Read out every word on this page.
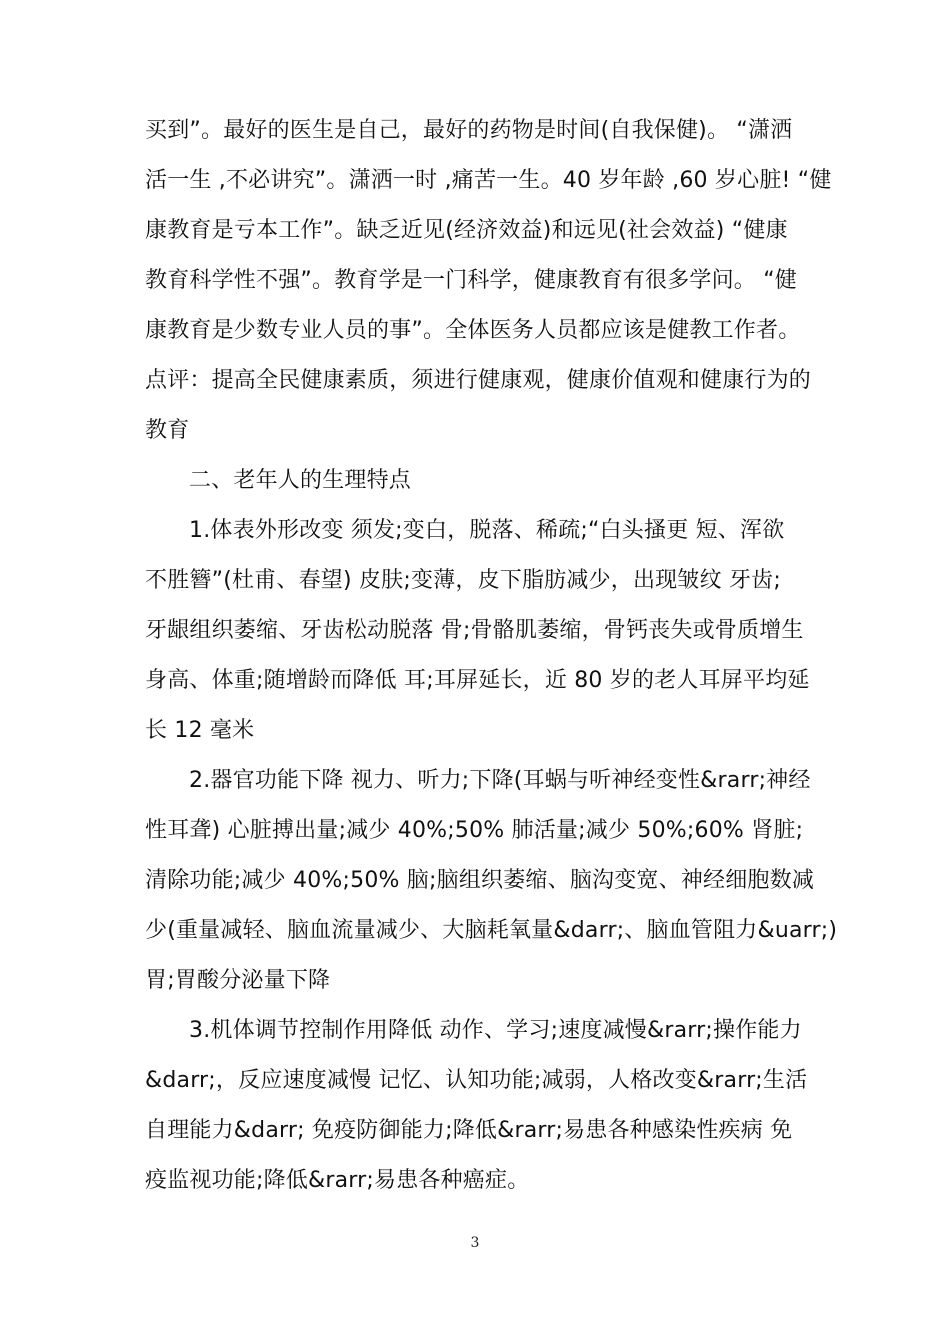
买到”。最好的医生是自己，最好的药物是时间(自我保健)。 “潇洒
活一生 ,不必讲究”。潇洒一时 ,痛苦一生。40 岁年龄 ,60 岁心脏! “健
康教育是亏本工作”。缺乏近见(经济效益)和远见(社会效益) “健康
教育科学性不强”。教育学是一门科学，健康教育有很多学问。 “健
康教育是少数专业人员的事”。全体医务人员都应该是健教工作者。
点评：提高全民健康素质，须进行健康观，健康价值观和健康行为的
教育
二、老年人的生理特点
1.体表外形改变 须发;变白，脱落、稀疏;“白头搔更 短、浑欲
不胜簪”(杜甫、春望) 皮肤;变薄，皮下脂肪减少，出现皱纹 牙齿;
牙龈组织萎缩、牙齿松动脱落 骨;骨骼肌萎缩，骨钙丧失或骨质增生
身高、体重;随增龄而降低 耳;耳屏延长，近 80 岁的老人耳屏平均延
长 12 毫米
2.器官功能下降 视力、听力;下降(耳蜗与听神经变性&rarr;神经
性耳聋) 心脏搏出量;减少 40%;50% 肺活量;减少 50%;60% 肾脏;
清除功能;减少 40%;50% 脑;脑组织萎缩、脑沟变宽、神经细胞数减
少(重量减轻、脑血流量减少、大脑耗氧量&darr;、脑血管阻力&uarr;)
胃;胃酸分泌量下降
3.机体调节控制作用降低 动作、学习;速度减慢&rarr;操作能力
&darr;，反应速度减慢 记忆、认知功能;减弱，人格改变&rarr;生活
自理能力&darr; 免疫防御能力;降低&rarr;易患各种感染性疾病 免
疫监视功能;降低&rarr;易患各种癌症。
3
